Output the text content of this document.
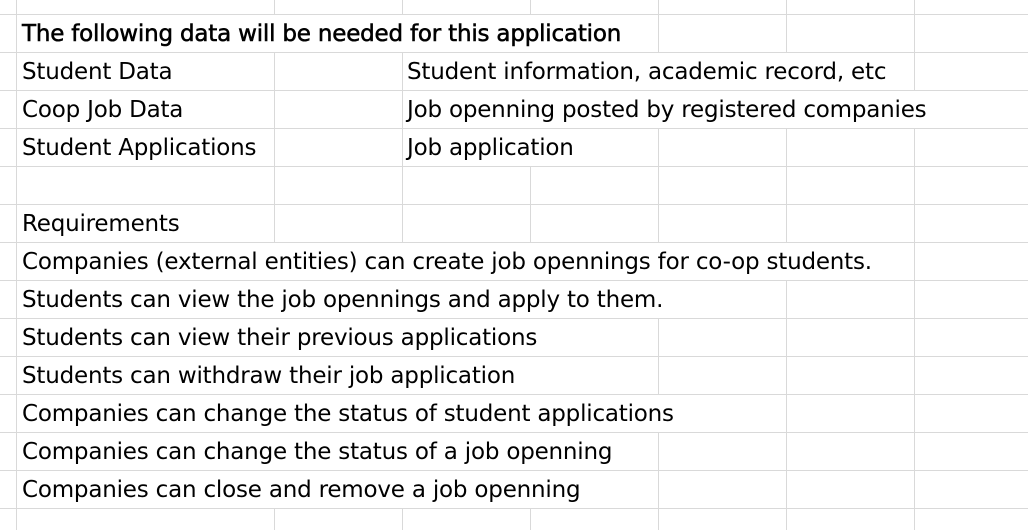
The following data will be needed for this application
Student Data	Student information, academic record, etc
Coop Job Data	Job openning posted by registered companies
Student Applications	Job application
Requirements
Companies (external entities) can create job opennings for co-op students.
Students can view the job opennings and apply to them.
Students can view their previous applications
Students can withdraw their job application
Companies can change the status of student applications
Companies can change the status of a job openning
Companies can close and remove a job openning
